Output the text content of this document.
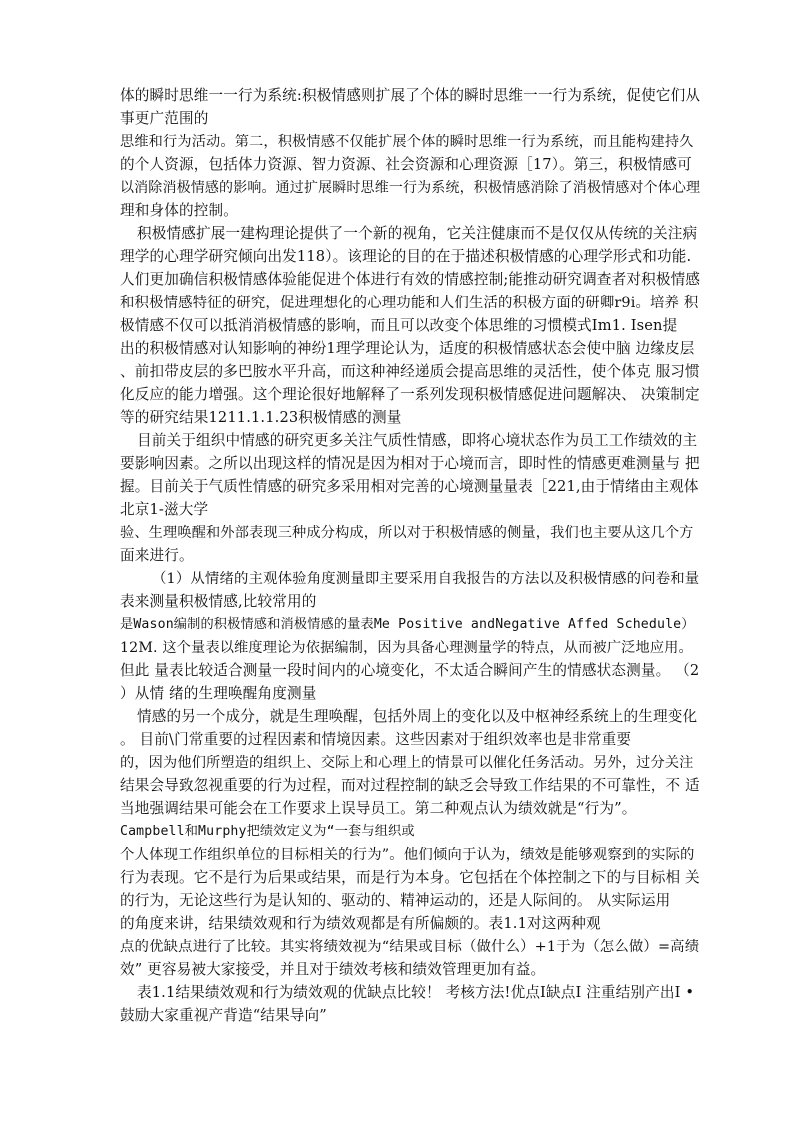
体的瞬时思维一一行为系统:积极情感则扩展了个体的瞬时思维一一行为系统，促使它们从
事更广范围的
思维和行为活动。第二，积极情感不仅能扩展个体的瞬时思维一行为系统，而且能构建持久
的个人资源，包括体力资源、智力资源、社会资源和心理资源［17）。第三，积极情感可
以消除消极情感的影响。通过扩展瞬时思维一行为系统，积极情感消除了消极情感对个体心理
理和身体的控制。
积极情感扩展一建构理论提供了一个新的视角，它关注健康而不是仅仅从传统的关注病
理学的心理学研究倾向出发118）。该理论的目的在于描述积极情感的心理学形式和功能.
人们更加确信积极情感体验能促进个体进行有效的情感控制;能推动研究调查者对积极情感
和积极情感特征的研究，促进理想化的心理功能和人们生活的积极方面的研卿r9i。培养 积
极情感不仅可以抵消消极情感的影响，而且可以改变个体思维的习惯模式Im1. Isen提
出的积极情感对认知影响的神纷1理学理论认为，适度的积极情感状态会使中脑 边缘皮层
、前扣带皮层的多巴胺水平升高，而这种神经递质会提高思维的灵活性，使个体克 服习惯
化反应的能力增强。这个理论很好地解释了一系列发现积极情感促进问题解决、 决策制定
等的研究结果1211.1.1.23积极情感的测量
目前关于组织中情感的研究更多关注气质性情感，即将心境状态作为员工工作绩效的主
要影响因素。之所以出现这样的情况是因为相对于心境而言，即时性的情感更难测量与 把
握。目前关于气质性情感的研究多采用相对完善的心境测量量表［221,由于情绪由主观体
北京1-滋大学
验、生理唤醒和外部表现三种成分构成，所以对于积极情感的侧量，我们也主要从这几个方
面来进行。
（1）从情绪的主观体验角度测量即主要采用自我报告的方法以及积极情感的问卷和量
表来测量积极情感,比较常用的
是Wason编制的积极情感和消极情感的量表Me Positive andNegative Affed Schedule）
12M. 这个量表以维度理论为依据编制，因为具备心理测量学的特点，从而被广泛地应用。
但此 量表比较适合测量一段时间内的心境变化，不太适合瞬间产生的情感状态测量。 （2
）从情 绪的生理唤醒角度测量
情感的另一个成分，就是生理唤醒，包括外周上的变化以及中枢神经系统上的生理变化
。 目前\门常重要的过程因素和情境因素。这些因素对于组织效率也是非常重要
的，因为他们所塑造的组织上、交际上和心理上的情景可以催化任务活动。另外，过分关注
结果会导致忽视重要的行为过程，而对过程控制的缺乏会导致工作结果的不可靠性，不 适
当地强调结果可能会在工作要求上误导员工。第二种观点认为绩效就是“行为”。
Campbell和Murphy把绩效定义为“一套与组织或
个人体现工作组织单位的目标相关的行为”。他们倾向于认为，绩效是能够观察到的实际的
行为表现。它不是行为后果或结果，而是行为本身。它包括在个体控制之下的与目标相 关
的行为，无论这些行为是认知的、驱动的、精神运动的，还是人际间的。 从实际运用
的角度来讲，结果绩效观和行为绩效观都是有所偏颇的。表1.1对这两种观
点的优缺点进行了比较。其实将绩效视为“结果或目标（做什么）+1于为（怎么做）=高绩
效” 更容易被大家接受，并且对于绩效考核和绩效管理更加有益。
表1.1结果绩效观和行为绩效观的优缺点比较！ 考核方法!优点I缺点I 注重结别产出I •
鼓励大家重视产背造“结果导向”
